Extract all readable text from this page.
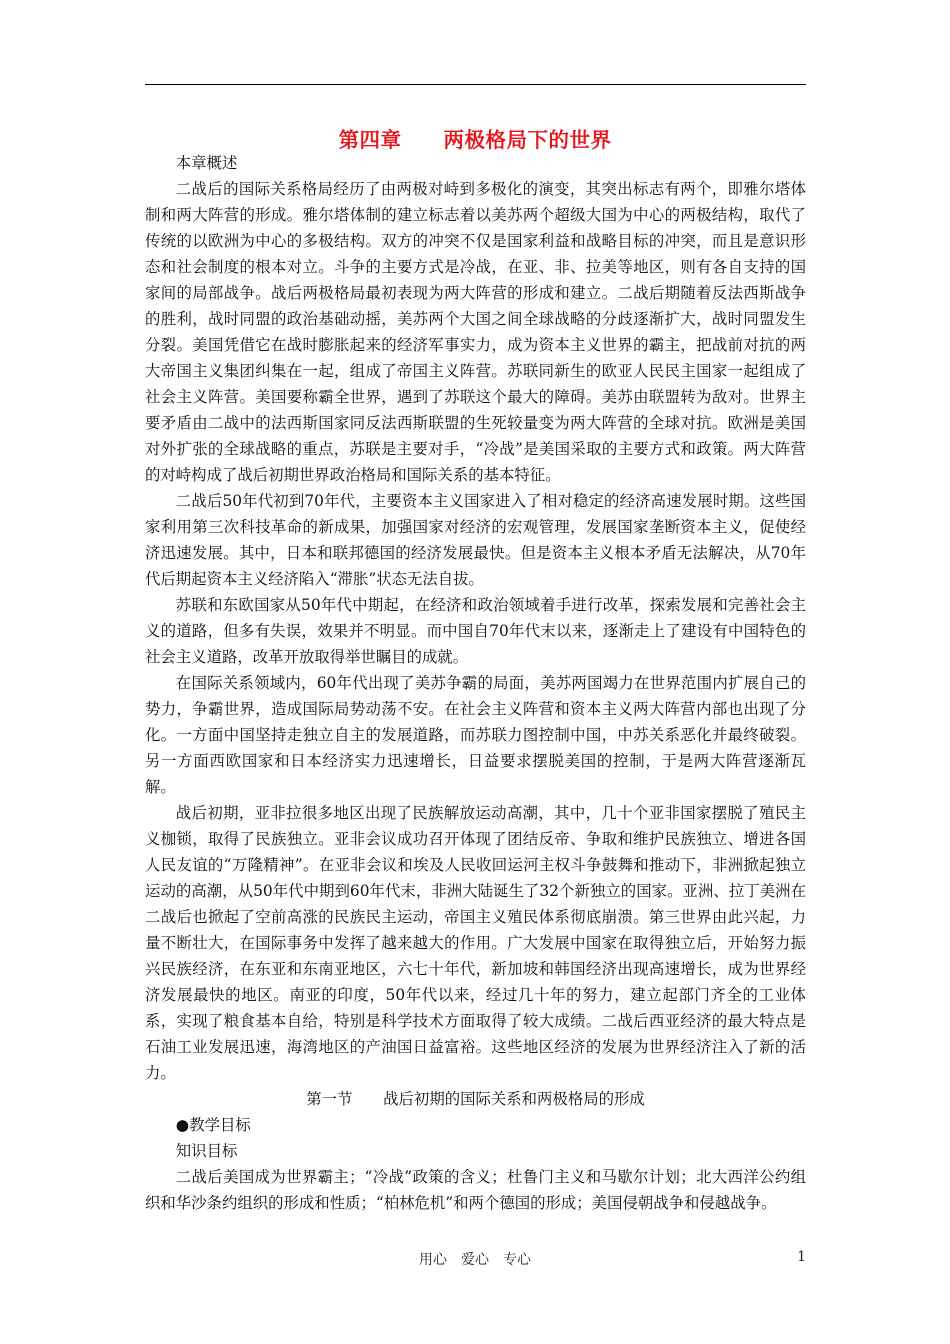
第四章　　两极格局下的世界

本章概述

二战后的国际关系格局经历了由两极对峙到多极化的演变，其突出标志有两个，即雅尔塔体制和两大阵营的形成。雅尔塔体制的建立标志着以美苏两个超级大国为中心的两极结构，取代了传统的以欧洲为中心的多极结构。双方的冲突不仅是国家利益和战略目标的冲突，而且是意识形态和社会制度的根本对立。斗争的主要方式是冷战，在亚、非、拉美等地区，则有各自支持的国家间的局部战争。战后两极格局最初表现为两大阵营的形成和建立。二战后期随着反法西斯战争的胜利，战时同盟的政治基础动摇，美苏两个大国之间全球战略的分歧逐渐扩大，战时同盟发生分裂。美国凭借它在战时膨胀起来的经济军事实力，成为资本主义世界的霸主，把战前对抗的两大帝国主义集团纠集在一起，组成了帝国主义阵营。苏联同新生的欧亚人民民主国家一起组成了社会主义阵营。美国要称霸全世界，遇到了苏联这个最大的障碍。美苏由联盟转为敌对。世界主要矛盾由二战中的法西斯国家同反法西斯联盟的生死较量变为两大阵营的全球对抗。欧洲是美国对外扩张的全球战略的重点，苏联是主要对手，“冷战”是美国采取的主要方式和政策。两大阵营的对峙构成了战后初期世界政治格局和国际关系的基本特征。

二战后50年代初到70年代，主要资本主义国家进入了相对稳定的经济高速发展时期。这些国家利用第三次科技革命的新成果，加强国家对经济的宏观管理，发展国家垄断资本主义，促使经济迅速发展。其中，日本和联邦德国的经济发展最快。但是资本主义根本矛盾无法解决，从70年代后期起资本主义经济陷入“滞胀”状态无法自拔。

苏联和东欧国家从50年代中期起，在经济和政治领域着手进行改革，探索发展和完善社会主义的道路，但多有失误，效果并不明显。而中国自70年代末以来，逐渐走上了建设有中国特色的社会主义道路，改革开放取得举世瞩目的成就。

在国际关系领域内，60年代出现了美苏争霸的局面，美苏两国竭力在世界范围内扩展自己的势力，争霸世界，造成国际局势动荡不安。在社会主义阵营和资本主义两大阵营内部也出现了分化。一方面中国坚持走独立自主的发展道路，而苏联力图控制中国，中苏关系恶化并最终破裂。另一方面西欧国家和日本经济实力迅速增长，日益要求摆脱美国的控制，于是两大阵营逐渐瓦解。

战后初期，亚非拉很多地区出现了民族解放运动高潮，其中，几十个亚非国家摆脱了殖民主义枷锁，取得了民族独立。亚非会议成功召开体现了团结反帝、争取和维护民族独立、增进各国人民友谊的“万隆精神”。在亚非会议和埃及人民收回运河主权斗争鼓舞和推动下，非洲掀起独立运动的高潮，从50年代中期到60年代末，非洲大陆诞生了32个新独立的国家。亚洲、拉丁美洲在二战后也掀起了空前高涨的民族民主运动，帝国主义殖民体系彻底崩溃。第三世界由此兴起，力量不断壮大，在国际事务中发挥了越来越大的作用。广大发展中国家在取得独立后，开始努力振兴民族经济，在东亚和东南亚地区，六七十年代，新加坡和韩国经济出现高速增长，成为世界经济发展最快的地区。南亚的印度，50年代以来，经过几十年的努力，建立起部门齐全的工业体系，实现了粮食基本自给，特别是科学技术方面取得了较大成绩。二战后西亚经济的最大特点是石油工业发展迅速，海湾地区的产油国日益富裕。这些地区经济的发展为世界经济注入了新的活力。

第一节　　战后初期的国际关系和两极格局的形成

●教学目标

知识目标

二战后美国成为世界霸主；“冷战”政策的含义；杜鲁门主义和马歇尔计划；北大西洋公约组织和华沙条约组织的形成和性质；“柏林危机”和两个德国的形成；美国侵朝战争和侵越战争。

用心　爱心　专心	1
